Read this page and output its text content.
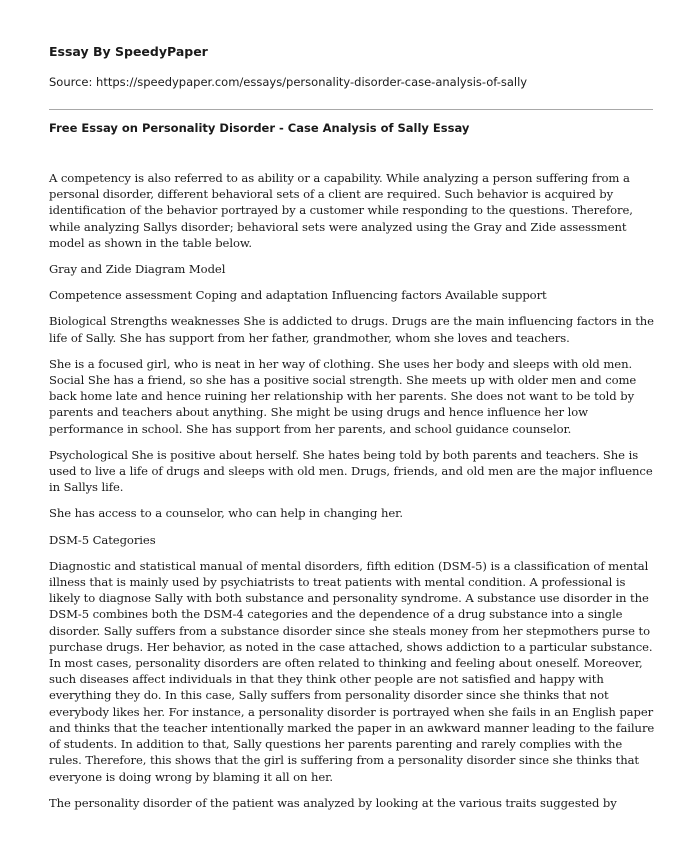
Essay By SpeedyPaper

Source: https://speedypaper.com/essays/personality-disorder-case-analysis-of-sally

Free Essay on Personality Disorder - Case Analysis of Sally Essay

A competency is also referred to as ability or a capability. While analyzing a person suffering from a personal disorder, different behavioral sets of a client are required. Such behavior is acquired by identification of the behavior portrayed by a customer while responding to the questions. Therefore, while analyzing Sallys disorder; behavioral sets were analyzed using the Gray and Zide assessment model as shown in the table below.

Gray and Zide Diagram Model

Competence assessment Coping and adaptation Influencing factors Available support

Biological Strengths weaknesses She is addicted to drugs. Drugs are the main influencing factors in the life of Sally. She has support from her father, grandmother, whom she loves and teachers.

She is a focused girl, who is neat in her way of clothing. She uses her body and sleeps with old men. Social She has a friend, so she has a positive social strength. She meets up with older men and come back home late and hence ruining her relationship with her parents. She does not want to be told by parents and teachers about anything. She might be using drugs and hence influence her low performance in school. She has support from her parents, and school guidance counselor.

Psychological She is positive about herself. She hates being told by both parents and teachers. She is used to live a life of drugs and sleeps with old men. Drugs, friends, and old men are the major influence in Sallys life.

She has access to a counselor, who can help in changing her.

DSM-5 Categories

Diagnostic and statistical manual of mental disorders, fifth edition (DSM-5) is a classification of mental illness that is mainly used by psychiatrists to treat patients with mental condition. A professional is likely to diagnose Sally with both substance and personality syndrome. A substance use disorder in the DSM-5 combines both the DSM-4 categories and the dependence of a drug substance into a single disorder. Sally suffers from a substance disorder since she steals money from her stepmothers purse to purchase drugs. Her behavior, as noted in the case attached, shows addiction to a particular substance. In most cases, personality disorders are often related to thinking and feeling about oneself. Moreover, such diseases affect individuals in that they think other people are not satisfied and happy with everything they do. In this case, Sally suffers from personality disorder since she thinks that not everybody likes her. For instance, a personality disorder is portrayed when she fails in an English paper and thinks that the teacher intentionally marked the paper in an awkward manner leading to the failure of students. In addition to that, Sally questions her parents parenting and rarely complies with the rules. Therefore, this shows that the girl is suffering from a personality disorder since she thinks that everyone is doing wrong by blaming it all on her.

The personality disorder of the patient was analyzed by looking at the various traits suggested by
